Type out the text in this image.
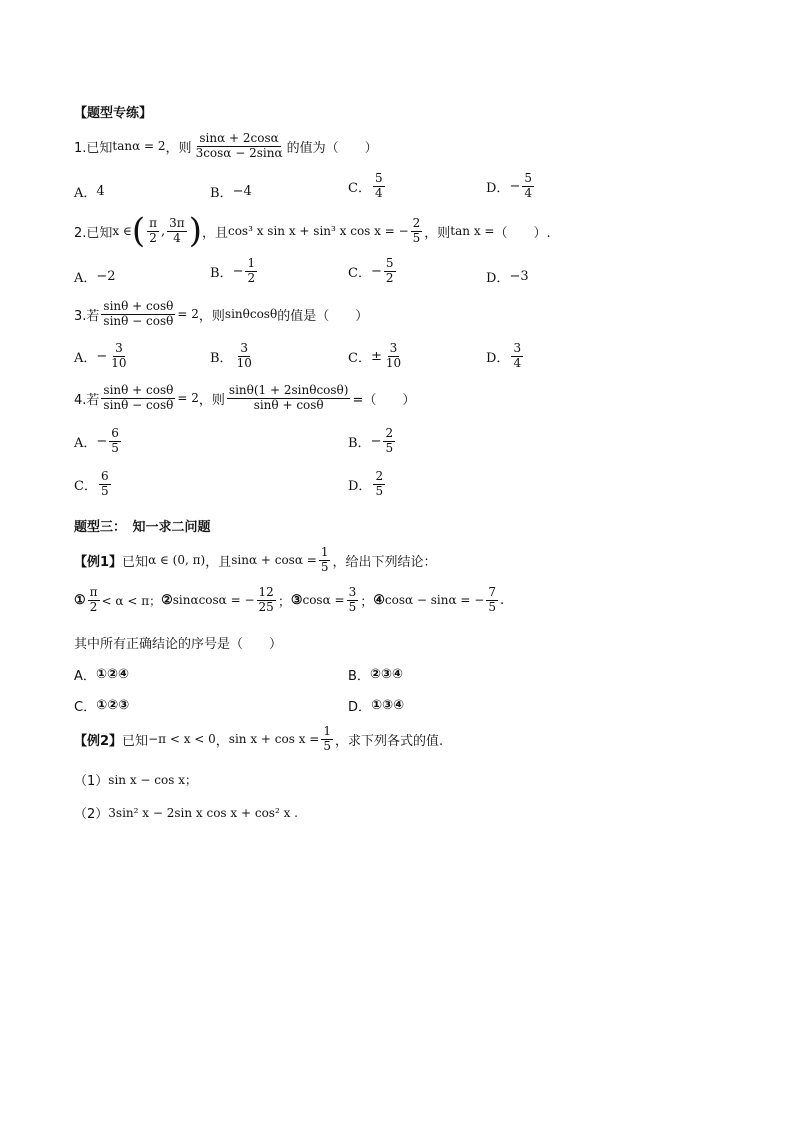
【题型专练】
1.已知 tanα = 2 ，则 $\frac{\sin\alpha + 2\cos\alpha}{3\cos\alpha - 2\sin\alpha}$ 的值为（　　）
A． 4	B． −4	C． $\frac{5}{4}$	D． − $\frac{5}{4}$
2.已知 x ∈ ( $\frac{\pi}{2}$ , $\frac{3\pi}{4}$ ) ，且 cos³ x sin x + sin³ x cos x = − $\frac{2}{5}$ ，则 tan x = （　　）.
A． −2	B． − $\frac{1}{2}$	C． − $\frac{5}{2}$	D． −3
3.若 $\frac{\sin\theta + \cos\theta}{\sin\theta - \cos\theta} = 2$ ，则 sinθcosθ 的值是（　　）
A． − $\frac{3}{10}$	B． $\frac{3}{10}$	C． ± $\frac{3}{10}$	D． $\frac{3}{4}$
4.若 $\frac{\sin\theta + \cos\theta}{\sin\theta - \cos\theta} = 2$ ，则 $\frac{\sin\theta(1 + 2\sin\theta\cos\theta)}{\sin\theta + \cos\theta}$ =（　　）
A． − $\frac{6}{5}$	B． − $\frac{2}{5}$
C． $\frac{6}{5}$	D． $\frac{2}{5}$
题型三：　知一求二问题
【例1】 已知 α ∈ (0, π) ，且 $\sin\alpha + \cos\alpha = \frac{1}{5}$ ，给出下列结论：
① $\frac{\pi}{2} < \alpha < \pi$； ② sinαcosα = − $\frac{12}{25}$ ； ③ $\cos\alpha = \frac{3}{5}$ ； ④ cosα − sinα = − $\frac{7}{5}$ .
其中所有正确结论的序号是（　　）
A． ①②④	B． ②③④
C． ①②③	D． ①③④
【例2】 已知 −π < x < 0 ， $\sin x + \cos x = \frac{1}{5}$ ，求下列各式的值.
（1） sin x − cos x；
（2） 3sin² x − 2sin x cos x + cos² x .
